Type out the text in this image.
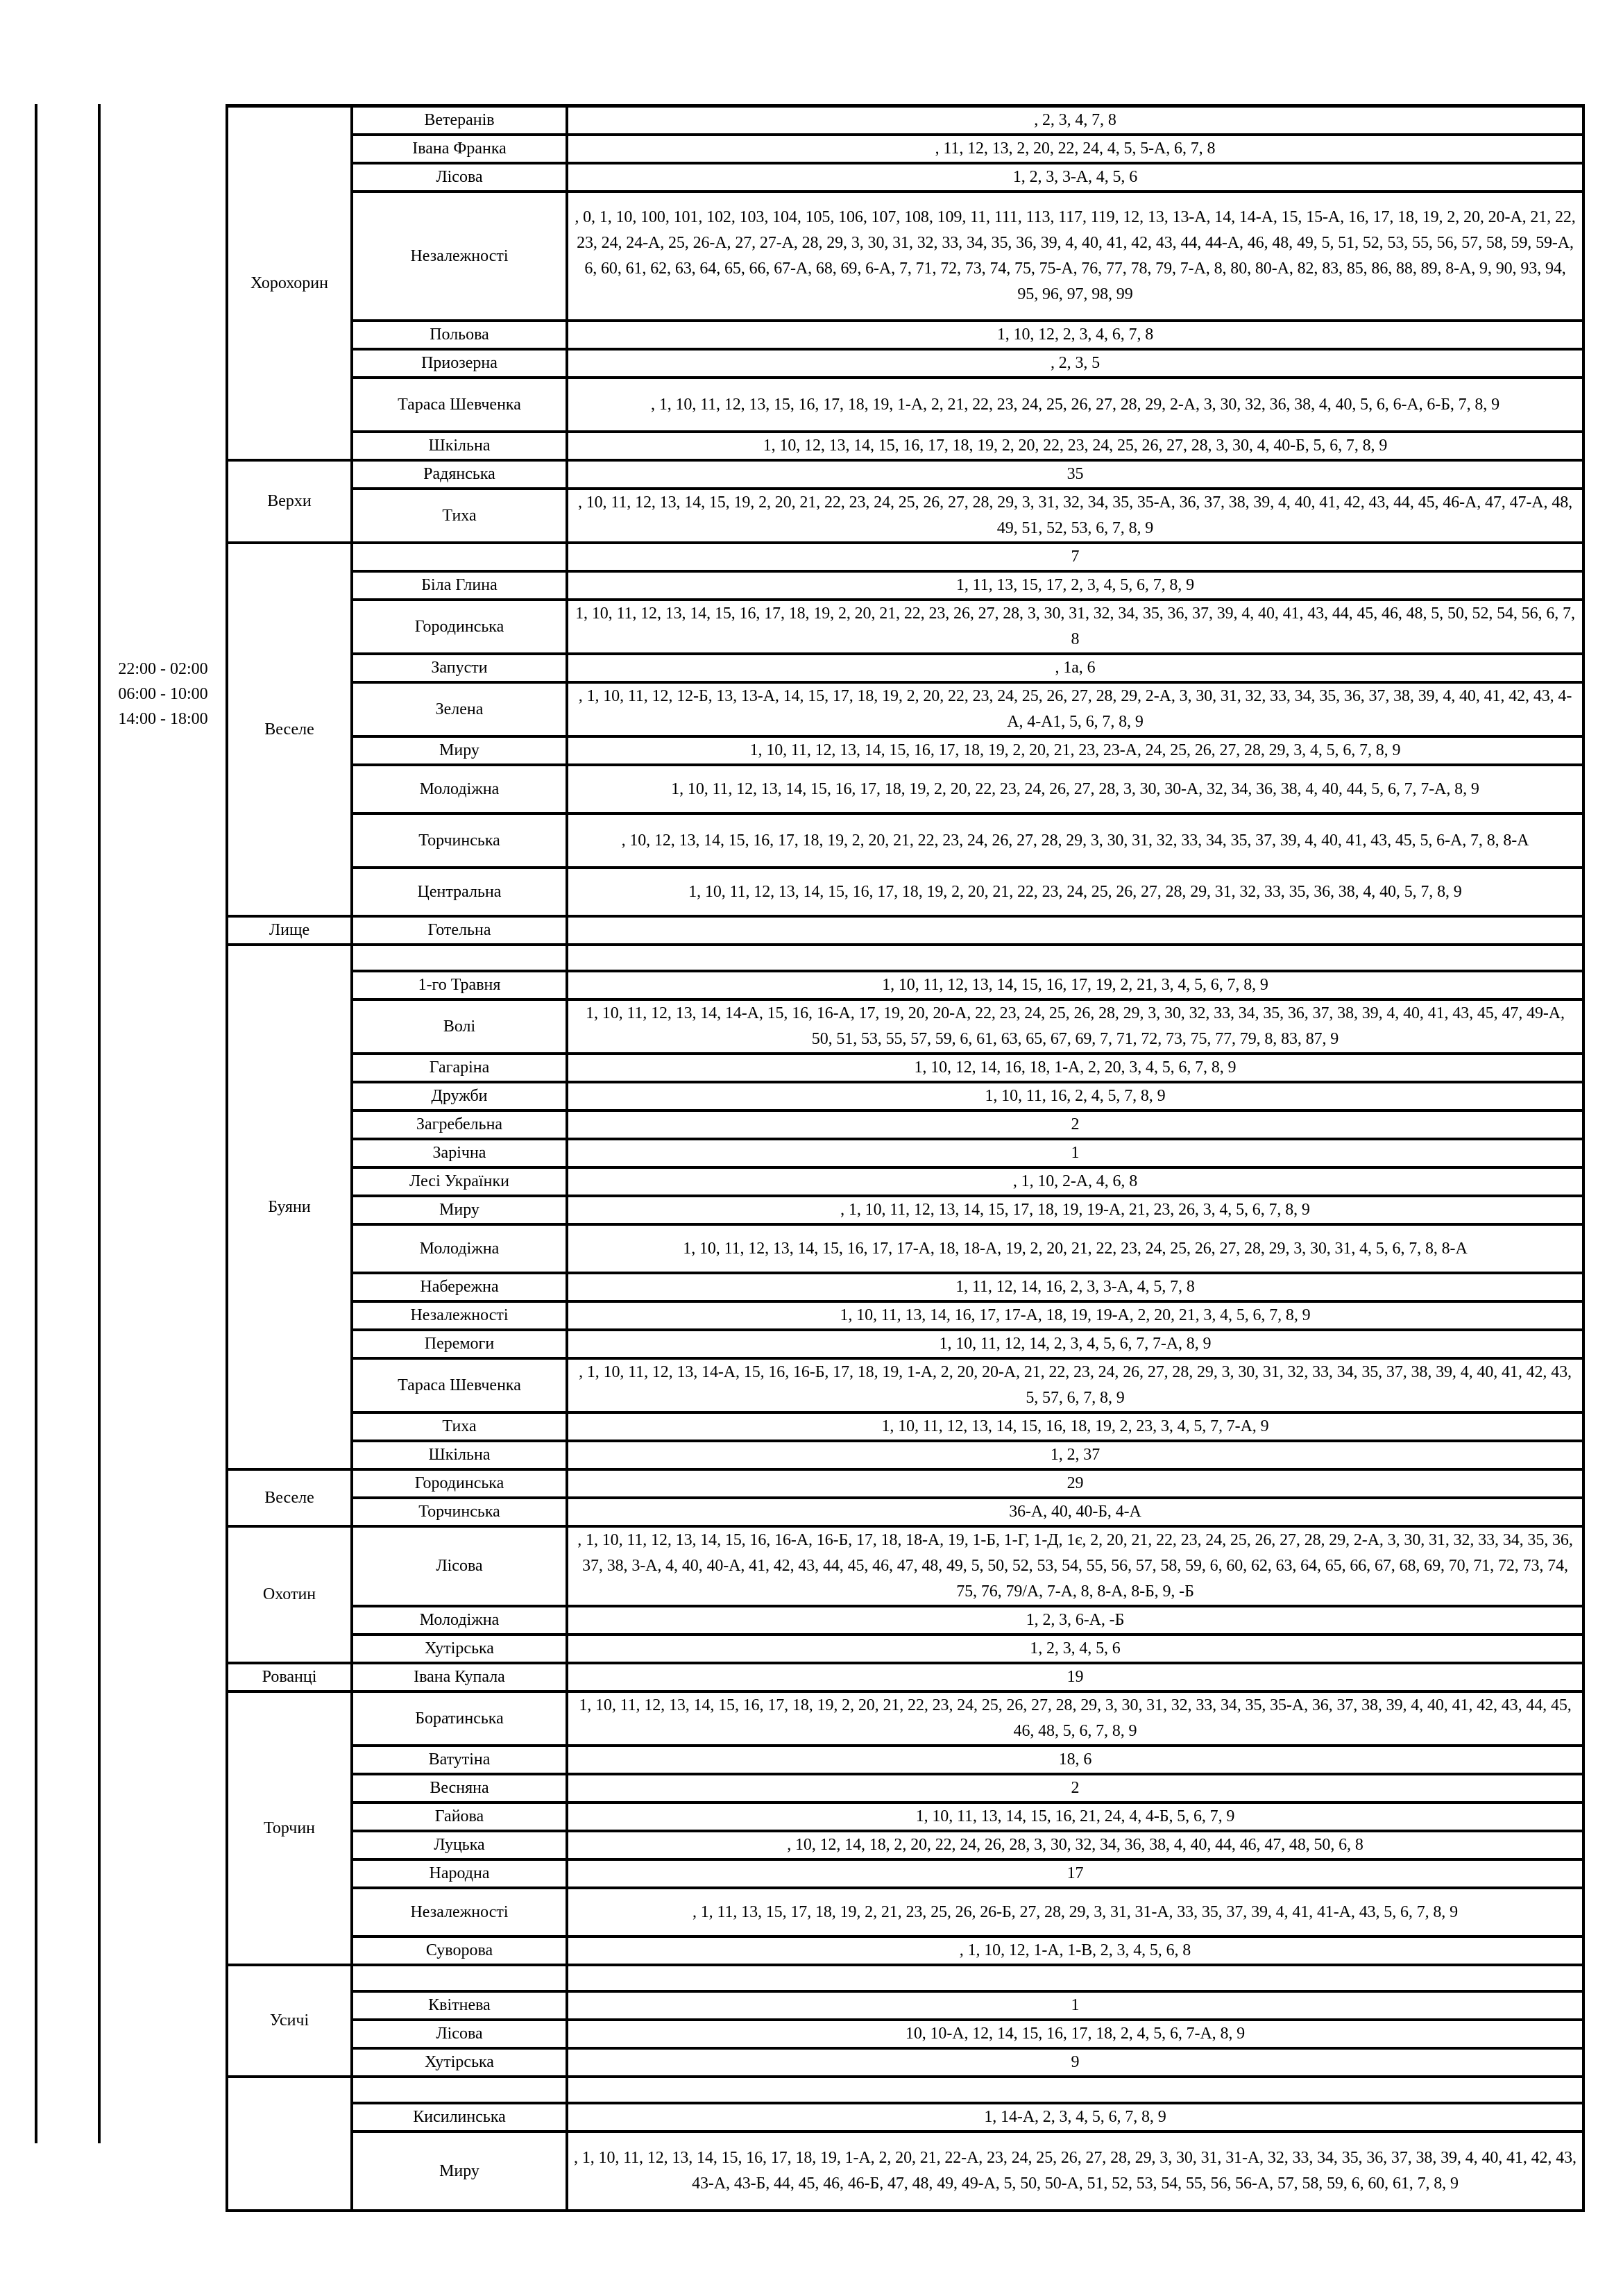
22:00 - 02:00
06:00 - 10:00
14:00 - 18:00
Хорохорин	Ветеранів	, 2, 3, 4, 7, 8
	Івана Франка	, 11, 12, 13, 2, 20, 22, 24, 4, 5, 5-А, 6, 7, 8
	Лісова	1, 2, 3, 3-А, 4, 5, 6
	Незалежності	, 0, 1, 10, 100, 101, 102, 103, 104, 105, 106, 107, 108, 109, 11, 111, 113, 117, 119, 12, 13, 13-А, 14, 14-А, 15, 15-А, 16, 17, 18, 19, 2, 20, 20-А, 21, 22, 23, 24, 24-А, 25, 26-А, 27, 27-А, 28, 29, 3, 30, 31, 32, 33, 34, 35, 36, 39, 4, 40, 41, 42, 43, 44, 44-А, 46, 48, 49, 5, 51, 52, 53, 55, 56, 57, 58, 59, 59-А, 6, 60, 61, 62, 63, 64, 65, 66, 67-А, 68, 69, 6-А, 7, 71, 72, 73, 74, 75, 75-А, 76, 77, 78, 79, 7-А, 8, 80, 80-А, 82, 83, 85, 86, 88, 89, 8-А, 9, 90, 93, 94, 95, 96, 97, 98, 99
	Польова	1, 10, 12, 2, 3, 4, 6, 7, 8
	Приозерна	, 2, 3, 5
	Тараса Шевченка	, 1, 10, 11, 12, 13, 15, 16, 17, 18, 19, 1-А, 2, 21, 22, 23, 24, 25, 26, 27, 28, 29, 2-А, 3, 30, 32, 36, 38, 4, 40, 5, 6, 6-А, 6-Б, 7, 8, 9
	Шкільна	1, 10, 12, 13, 14, 15, 16, 17, 18, 19, 2, 20, 22, 23, 24, 25, 26, 27, 28, 3, 30, 4, 40-Б, 5, 6, 7, 8, 9
Верхи	Радянська	35
	Тиха	, 10, 11, 12, 13, 14, 15, 19, 2, 20, 21, 22, 23, 24, 25, 26, 27, 28, 29, 3, 31, 32, 34, 35, 35-А, 36, 37, 38, 39, 4, 40, 41, 42, 43, 44, 45, 46-А, 47, 47-А, 48, 49, 51, 52, 53, 6, 7, 8, 9
Веселе		7
	Біла Глина	1, 11, 13, 15, 17, 2, 3, 4, 5, 6, 7, 8, 9
	Городинська	1, 10, 11, 12, 13, 14, 15, 16, 17, 18, 19, 2, 20, 21, 22, 23, 26, 27, 28, 3, 30, 31, 32, 34, 35, 36, 37, 39, 4, 40, 41, 43, 44, 45, 46, 48, 5, 50, 52, 54, 56, 6, 7, 8
	Запусти	, 1а, 6
	Зелена	, 1, 10, 11, 12, 12-Б, 13, 13-А, 14, 15, 17, 18, 19, 2, 20, 22, 23, 24, 25, 26, 27, 28, 29, 2-А, 3, 30, 31, 32, 33, 34, 35, 36, 37, 38, 39, 4, 40, 41, 42, 43, 4-А, 4-А1, 5, 6, 7, 8, 9
	Миру	1, 10, 11, 12, 13, 14, 15, 16, 17, 18, 19, 2, 20, 21, 23, 23-А, 24, 25, 26, 27, 28, 29, 3, 4, 5, 6, 7, 8, 9
	Молодіжна	1, 10, 11, 12, 13, 14, 15, 16, 17, 18, 19, 2, 20, 22, 23, 24, 26, 27, 28, 3, 30, 30-А, 32, 34, 36, 38, 4, 40, 44, 5, 6, 7, 7-А, 8, 9
	Торчинська	, 10, 12, 13, 14, 15, 16, 17, 18, 19, 2, 20, 21, 22, 23, 24, 26, 27, 28, 29, 3, 30, 31, 32, 33, 34, 35, 37, 39, 4, 40, 41, 43, 45, 5, 6-А, 7, 8, 8-А
	Центральна	1, 10, 11, 12, 13, 14, 15, 16, 17, 18, 19, 2, 20, 21, 22, 23, 24, 25, 26, 27, 28, 29, 31, 32, 33, 35, 36, 38, 4, 40, 5, 7, 8, 9
Лище	Готельна	
Буяни		
	1-го Травня	1, 10, 11, 12, 13, 14, 15, 16, 17, 19, 2, 21, 3, 4, 5, 6, 7, 8, 9
	Волі	1, 10, 11, 12, 13, 14, 14-А, 15, 16, 16-А, 17, 19, 20, 20-А, 22, 23, 24, 25, 26, 28, 29, 3, 30, 32, 33, 34, 35, 36, 37, 38, 39, 4, 40, 41, 43, 45, 47, 49-А, 50, 51, 53, 55, 57, 59, 6, 61, 63, 65, 67, 69, 7, 71, 72, 73, 75, 77, 79, 8, 83, 87, 9
	Гагаріна	1, 10, 12, 14, 16, 18, 1-А, 2, 20, 3, 4, 5, 6, 7, 8, 9
	Дружби	1, 10, 11, 16, 2, 4, 5, 7, 8, 9
	Загребельна	2
	Зарічна	1
	Лесі Українки	, 1, 10, 2-А, 4, 6, 8
	Миру	, 1, 10, 11, 12, 13, 14, 15, 17, 18, 19, 19-А, 21, 23, 26, 3, 4, 5, 6, 7, 8, 9
	Молодіжна	1, 10, 11, 12, 13, 14, 15, 16, 17, 17-А, 18, 18-А, 19, 2, 20, 21, 22, 23, 24, 25, 26, 27, 28, 29, 3, 30, 31, 4, 5, 6, 7, 8, 8-А
	Набережна	1, 11, 12, 14, 16, 2, 3, 3-А, 4, 5, 7, 8
	Незалежності	1, 10, 11, 13, 14, 16, 17, 17-А, 18, 19, 19-А, 2, 20, 21, 3, 4, 5, 6, 7, 8, 9
	Перемоги	1, 10, 11, 12, 14, 2, 3, 4, 5, 6, 7, 7-А, 8, 9
	Тараса Шевченка	, 1, 10, 11, 12, 13, 14-А, 15, 16, 16-Б, 17, 18, 19, 1-А, 2, 20, 20-А, 21, 22, 23, 24, 26, 27, 28, 29, 3, 30, 31, 32, 33, 34, 35, 37, 38, 39, 4, 40, 41, 42, 43, 5, 57, 6, 7, 8, 9
	Тиха	1, 10, 11, 12, 13, 14, 15, 16, 18, 19, 2, 23, 3, 4, 5, 7, 7-А, 9
	Шкільна	1, 2, 37
Веселе	Городинська	29
	Торчинська	36-А, 40, 40-Б, 4-А
Охотин	Лісова	, 1, 10, 11, 12, 13, 14, 15, 16, 16-А, 16-Б, 17, 18, 18-А, 19, 1-Б, 1-Г, 1-Д, 1є, 2, 20, 21, 22, 23, 24, 25, 26, 27, 28, 29, 2-А, 3, 30, 31, 32, 33, 34, 35, 36, 37, 38, 3-А, 4, 40, 40-А, 41, 42, 43, 44, 45, 46, 47, 48, 49, 5, 50, 52, 53, 54, 55, 56, 57, 58, 59, 6, 60, 62, 63, 64, 65, 66, 67, 68, 69, 70, 71, 72, 73, 74, 75, 76, 79/А, 7-А, 8, 8-А, 8-Б, 9, -Б
	Молодіжна	1, 2, 3, 6-А, -Б
	Хутірська	1, 2, 3, 4, 5, 6
Рованці	Івана Купала	19
Торчин	Боратинська	1, 10, 11, 12, 13, 14, 15, 16, 17, 18, 19, 2, 20, 21, 22, 23, 24, 25, 26, 27, 28, 29, 3, 30, 31, 32, 33, 34, 35, 35-А, 36, 37, 38, 39, 4, 40, 41, 42, 43, 44, 45, 46, 48, 5, 6, 7, 8, 9
	Ватутіна	18, 6
	Весняна	2
	Гайова	1, 10, 11, 13, 14, 15, 16, 21, 24, 4, 4-Б, 5, 6, 7, 9
	Луцька	, 10, 12, 14, 18, 2, 20, 22, 24, 26, 28, 3, 30, 32, 34, 36, 38, 4, 40, 44, 46, 47, 48, 50, 6, 8
	Народна	17
	Незалежності	, 1, 11, 13, 15, 17, 18, 19, 2, 21, 23, 25, 26, 26-Б, 27, 28, 29, 3, 31, 31-А, 33, 35, 37, 39, 4, 41, 41-А, 43, 5, 6, 7, 8, 9
	Суворова	, 1, 10, 12, 1-А, 1-В, 2, 3, 4, 5, 6, 8
Усичі		
	Квітнева	1
	Лісова	10, 10-А, 12, 14, 15, 16, 17, 18, 2, 4, 5, 6, 7-А, 8, 9
	Хутірська	9

	Кисилинська	1, 14-А, 2, 3, 4, 5, 6, 7, 8, 9
	Миру	, 1, 10, 11, 12, 13, 14, 15, 16, 17, 18, 19, 1-А, 2, 20, 21, 22-А, 23, 24, 25, 26, 27, 28, 29, 3, 30, 31, 31-А, 32, 33, 34, 35, 36, 37, 38, 39, 4, 40, 41, 42, 43, 43-А, 43-Б, 44, 45, 46, 46-Б, 47, 48, 49, 49-А, 5, 50, 50-А, 51, 52, 53, 54, 55, 56, 56-А, 57, 58, 59, 6, 60, 61, 7, 8, 9
